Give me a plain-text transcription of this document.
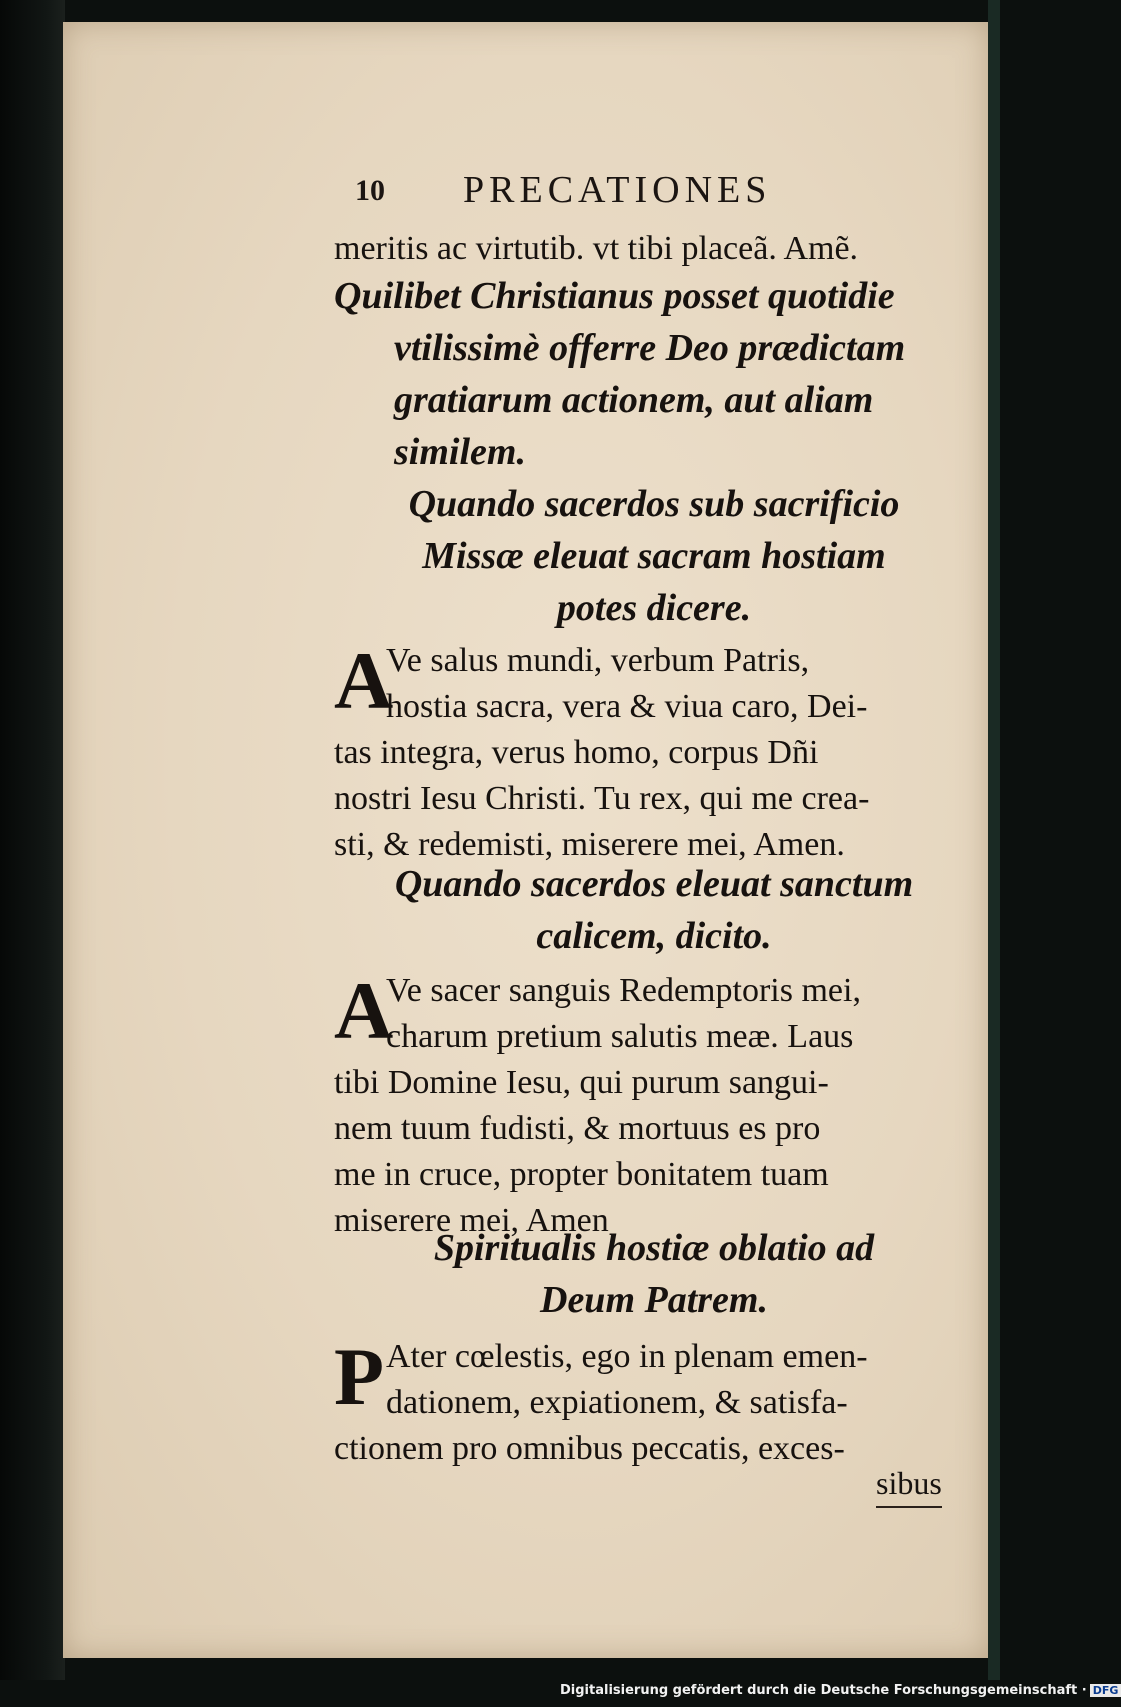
10 PRECATIONES
meritis ac virtutib. vt tibi placeã. Amẽ.
Quilibet Christianus posset quotidie
vtilissimè offerre Deo prædictam
gratiarum actionem, aut aliam
similem.
Quando sacerdos sub sacrificio
Missæ eleuat sacram hostiam
potes dicere.
A
Ve salus mundi, verbum Patris,
hostia sacra, vera & viua caro, Dei-
tas integra, verus homo, corpus Dñi
nostri Iesu Christi. Tu rex, qui me crea-
sti, & redemisti, miserere mei, Amen.
Quando sacerdos eleuat sanctum
calicem, dicito.
A
Ve sacer sanguis Redemptoris mei,
charum pretium salutis meæ. Laus
tibi Domine Iesu, qui purum sangui-
nem tuum fudisti, & mortuus es pro
me in cruce, propter bonitatem tuam
miserere mei, Amen
Spiritualis hostiæ oblatio ad
Deum Patrem.
P Ater cœlestis, ego in plenam emen-
dationem, expiationem, & satisfa-
ctionem pro omnibus peccatis, exces-
sibus
Digitalisierung gefördert durch die Deutsche Forschungsgemeinschaft · DFG
